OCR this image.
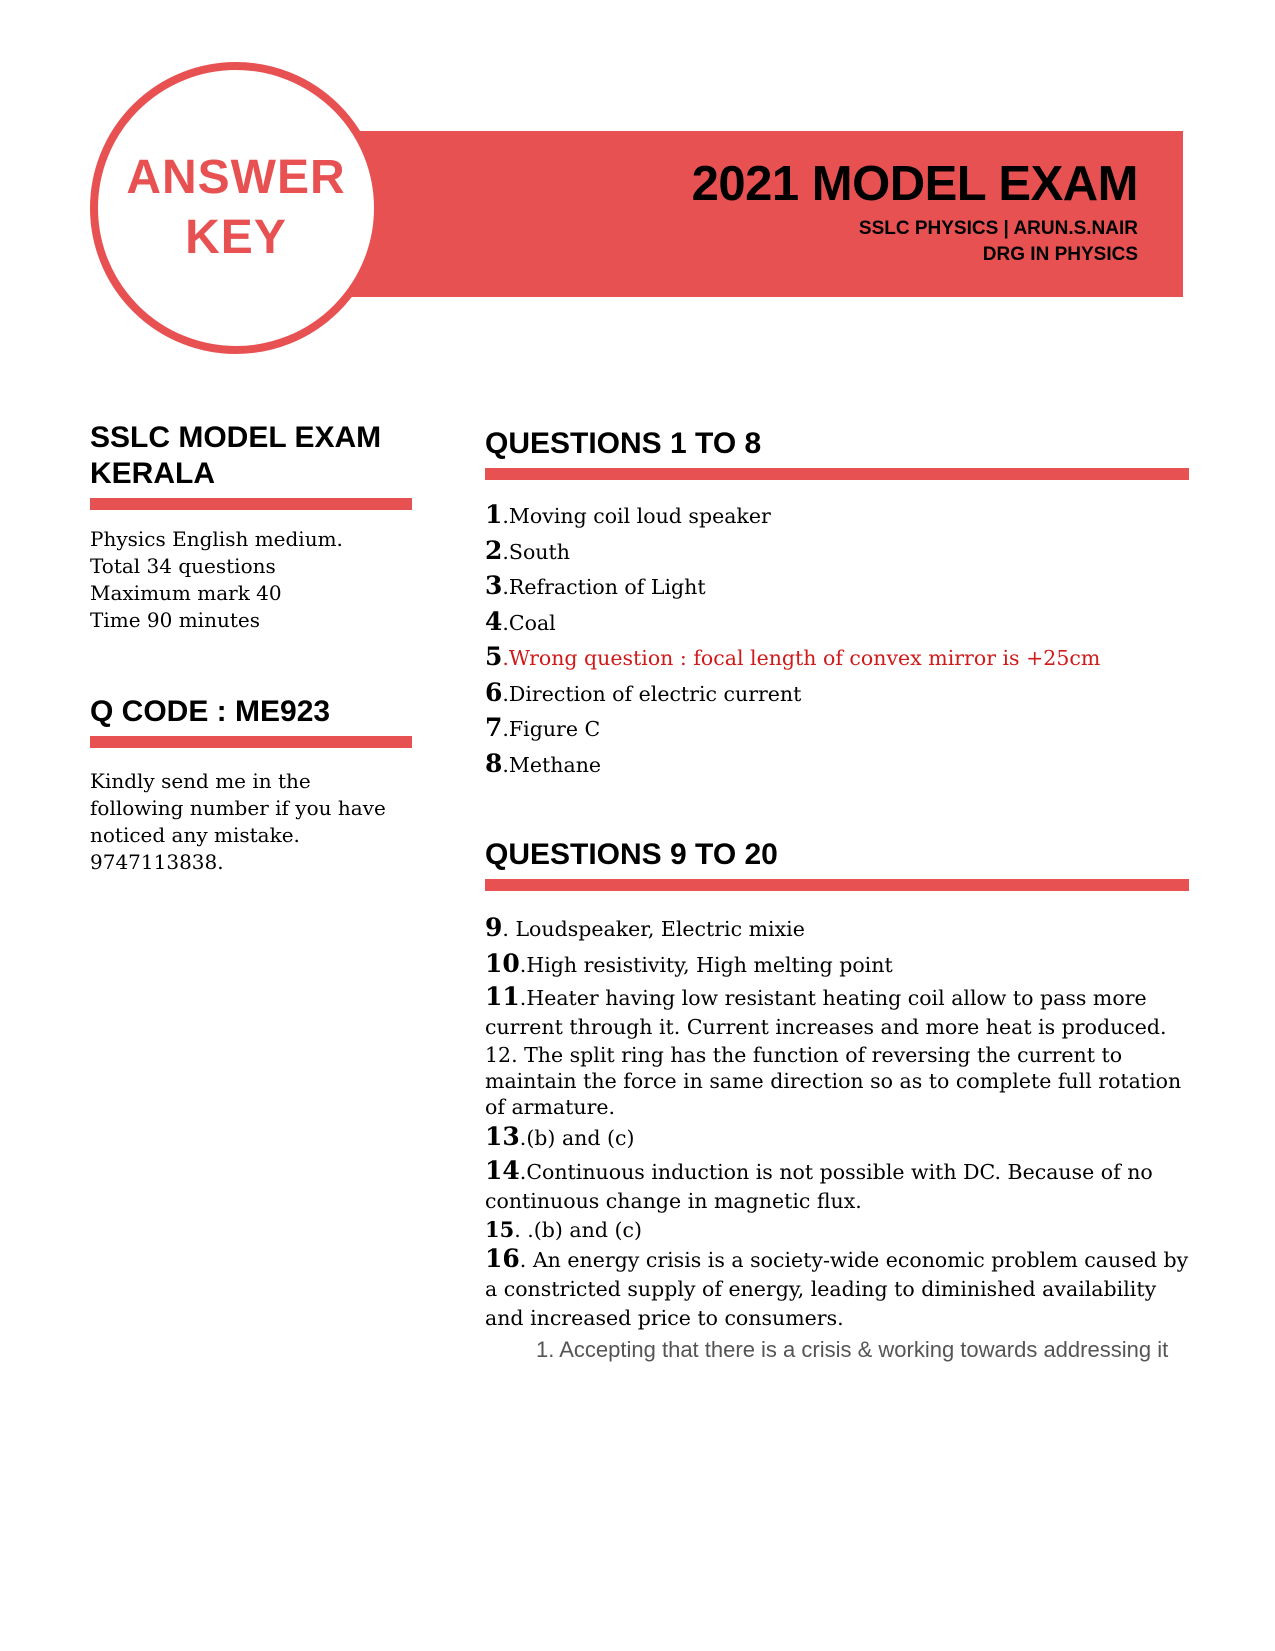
2021 MODEL EXAM
SSLC PHYSICS | ARUN.S.NAIR
DRG IN PHYSICS
ANSWER
KEY
SSLC MODEL EXAM
KERALA
Physics English medium.
Total 34 questions
Maximum mark 40
Time 90 minutes
Q CODE : ME923
Kindly send me in the
following number if you have
noticed any mistake.
9747113838.
QUESTIONS 1 TO 8
1.Moving coil loud speaker
2.South
3.Refraction of Light
4.Coal
5.Wrong question : focal length of convex mirror is +25cm
6.Direction of electric current
7.Figure C
8.Methane
QUESTIONS 9 TO 20
9. Loudspeaker, Electric mixie
10.High resistivity, High melting point
11.Heater having low resistant heating coil allow to pass more current through it. Current increases and more heat is produced.
12. The split ring has the function of reversing the current to maintain the force in same direction so as to complete full rotation of armature.
13.(b) and (c)
14.Continuous induction is not possible with DC. Because of no continuous change in magnetic flux.
15. .(b) and (c)
16. An energy crisis is a society-wide economic problem caused by a constricted supply of energy, leading to diminished availability and increased price to consumers.
1. Accepting that there is a crisis & working towards addressing it
